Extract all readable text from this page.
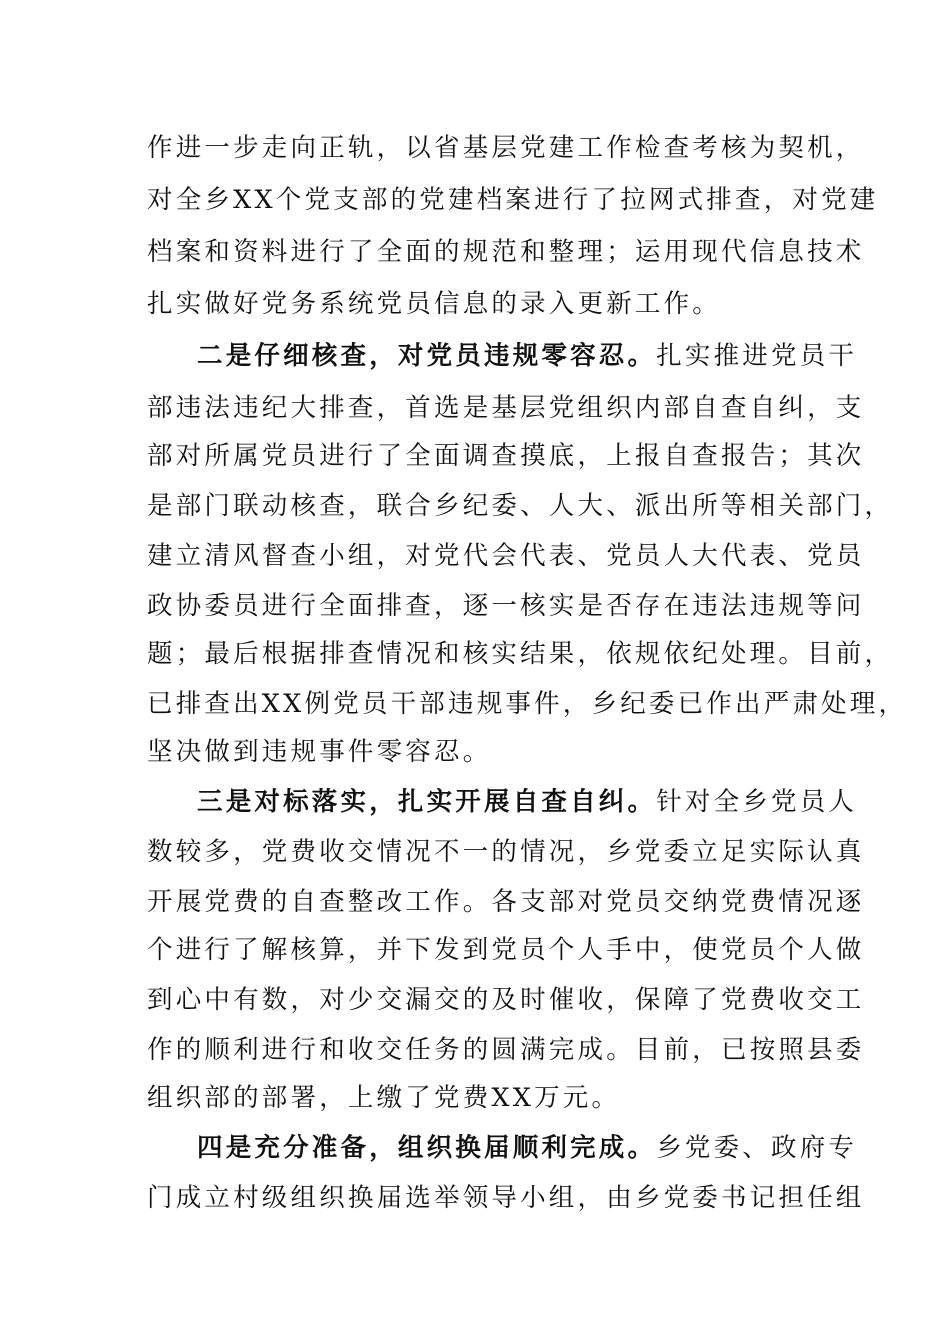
作进一步走向正轨，以省基层党建工作检查考核为契机，
对全乡XX个党支部的党建档案进行了拉网式排查，对党建
档案和资料进行了全面的规范和整理；运用现代信息技术
扎实做好党务系统党员信息的录入更新工作。
二是仔细核查，对党员违规零容忍。扎实推进党员干
部违法违纪大排查，首选是基层党组织内部自查自纠，支
部对所属党员进行了全面调查摸底，上报自查报告；其次
是部门联动核查，联合乡纪委、人大、派出所等相关部门，
建立清风督查小组，对党代会代表、党员人大代表、党员
政协委员进行全面排查，逐一核实是否存在违法违规等问
题；最后根据排查情况和核实结果，依规依纪处理。目前，
已排查出XX例党员干部违规事件，乡纪委已作出严肃处理，
坚决做到违规事件零容忍。
三是对标落实，扎实开展自查自纠。针对全乡党员人
数较多，党费收交情况不一的情况，乡党委立足实际认真
开展党费的自查整改工作。各支部对党员交纳党费情况逐
个进行了解核算，并下发到党员个人手中，使党员个人做
到心中有数，对少交漏交的及时催收，保障了党费收交工
作的顺利进行和收交任务的圆满完成。目前，已按照县委
组织部的部署，上缴了党费XX万元。
四是充分准备，组织换届顺利完成。乡党委、政府专
门成立村级组织换届选举领导小组，由乡党委书记担任组
